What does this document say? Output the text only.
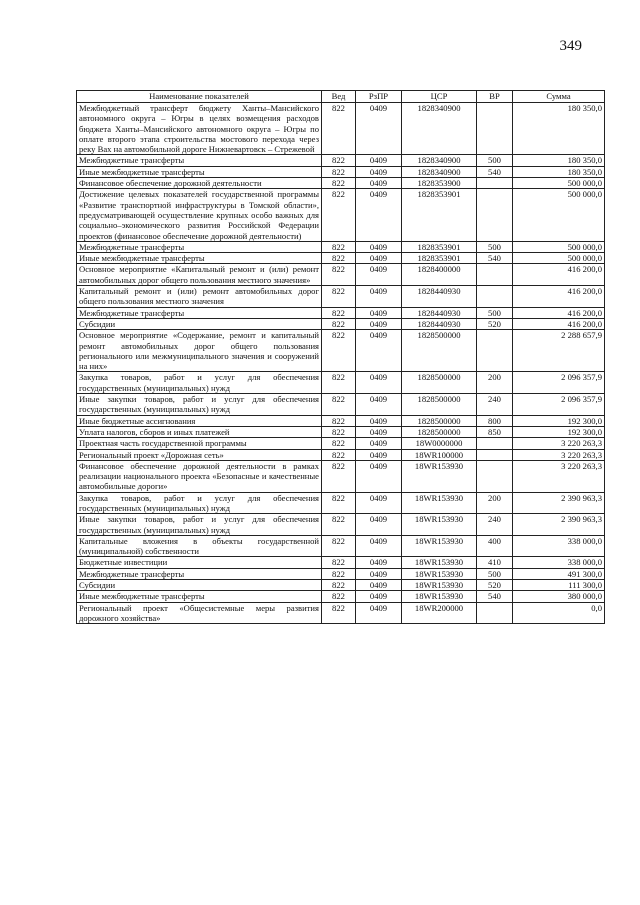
349
Наименование показателей	Вед	РзПР	ЦСР	ВР	Сумма
Межбюджетный трансферт бюджету Ханты–Мансийского автономного округа – Югры в целях возмещения расходов бюджета Ханты–Мансийского автономного округа – Югры по оплате второго этапа строительства мостового перехода через реку Вах на автомобильной дороге Нижневартовск – Стрежевой	822	0409	1828340900		180 350,0
Межбюджетные трансферты	822	0409	1828340900	500	180 350,0
Иные межбюджетные трансферты	822	0409	1828340900	540	180 350,0
Финансовое обеспечение дорожной деятельности	822	0409	1828353900		500 000,0
Достижение целевых показателей государственной программы «Развитие транспортной инфраструктуры в Томской области», предусматривающей осуществление крупных особо важных для социально–экономического развития Российской Федерации проектов (финансовое обеспечение дорожной деятельности)	822	0409	1828353901		500 000,0
Межбюджетные трансферты	822	0409	1828353901	500	500 000,0
Иные межбюджетные трансферты	822	0409	1828353901	540	500 000,0
Основное мероприятие «Капитальный ремонт и (или) ремонт автомобильных дорог общего пользования местного значения»	822	0409	1828400000		416 200,0
Капитальный ремонт и (или) ремонт автомобильных дорог общего пользования местного значения	822	0409	1828440930		416 200,0
Межбюджетные трансферты	822	0409	1828440930	500	416 200,0
Субсидии	822	0409	1828440930	520	416 200,0
Основное мероприятие «Содержание, ремонт и капитальный ремонт автомобильных дорог общего пользования регионального или межмуниципального значения и сооружений на них»	822	0409	1828500000		2 288 657,9
Закупка товаров, работ и услуг для обеспечения государственных (муниципальных) нужд	822	0409	1828500000	200	2 096 357,9
Иные закупки товаров, работ и услуг для обеспечения государственных (муниципальных) нужд	822	0409	1828500000	240	2 096 357,9
Иные бюджетные ассигнования	822	0409	1828500000	800	192 300,0
Уплата налогов, сборов и иных платежей	822	0409	1828500000	850	192 300,0
Проектная часть государственной программы	822	0409	18W0000000		3 220 263,3
Региональный проект «Дорожная сеть»	822	0409	18WR100000		3 220 263,3
Финансовое обеспечение дорожной деятельности в рамках реализации национального проекта «Безопасные и качественные автомобильные дороги»	822	0409	18WR153930		3 220 263,3
Закупка товаров, работ и услуг для обеспечения государственных (муниципальных) нужд	822	0409	18WR153930	200	2 390 963,3
Иные закупки товаров, работ и услуг для обеспечения государственных (муниципальных) нужд	822	0409	18WR153930	240	2 390 963,3
Капитальные вложения в объекты государственной (муниципальной) собственности	822	0409	18WR153930	400	338 000,0
Бюджетные инвестиции	822	0409	18WR153930	410	338 000,0
Межбюджетные трансферты	822	0409	18WR153930	500	491 300,0
Субсидии	822	0409	18WR153930	520	111 300,0
Иные межбюджетные трансферты	822	0409	18WR153930	540	380 000,0
Региональный проект «Общесистемные меры развития дорожного хозяйства»	822	0409	18WR200000		0,0
